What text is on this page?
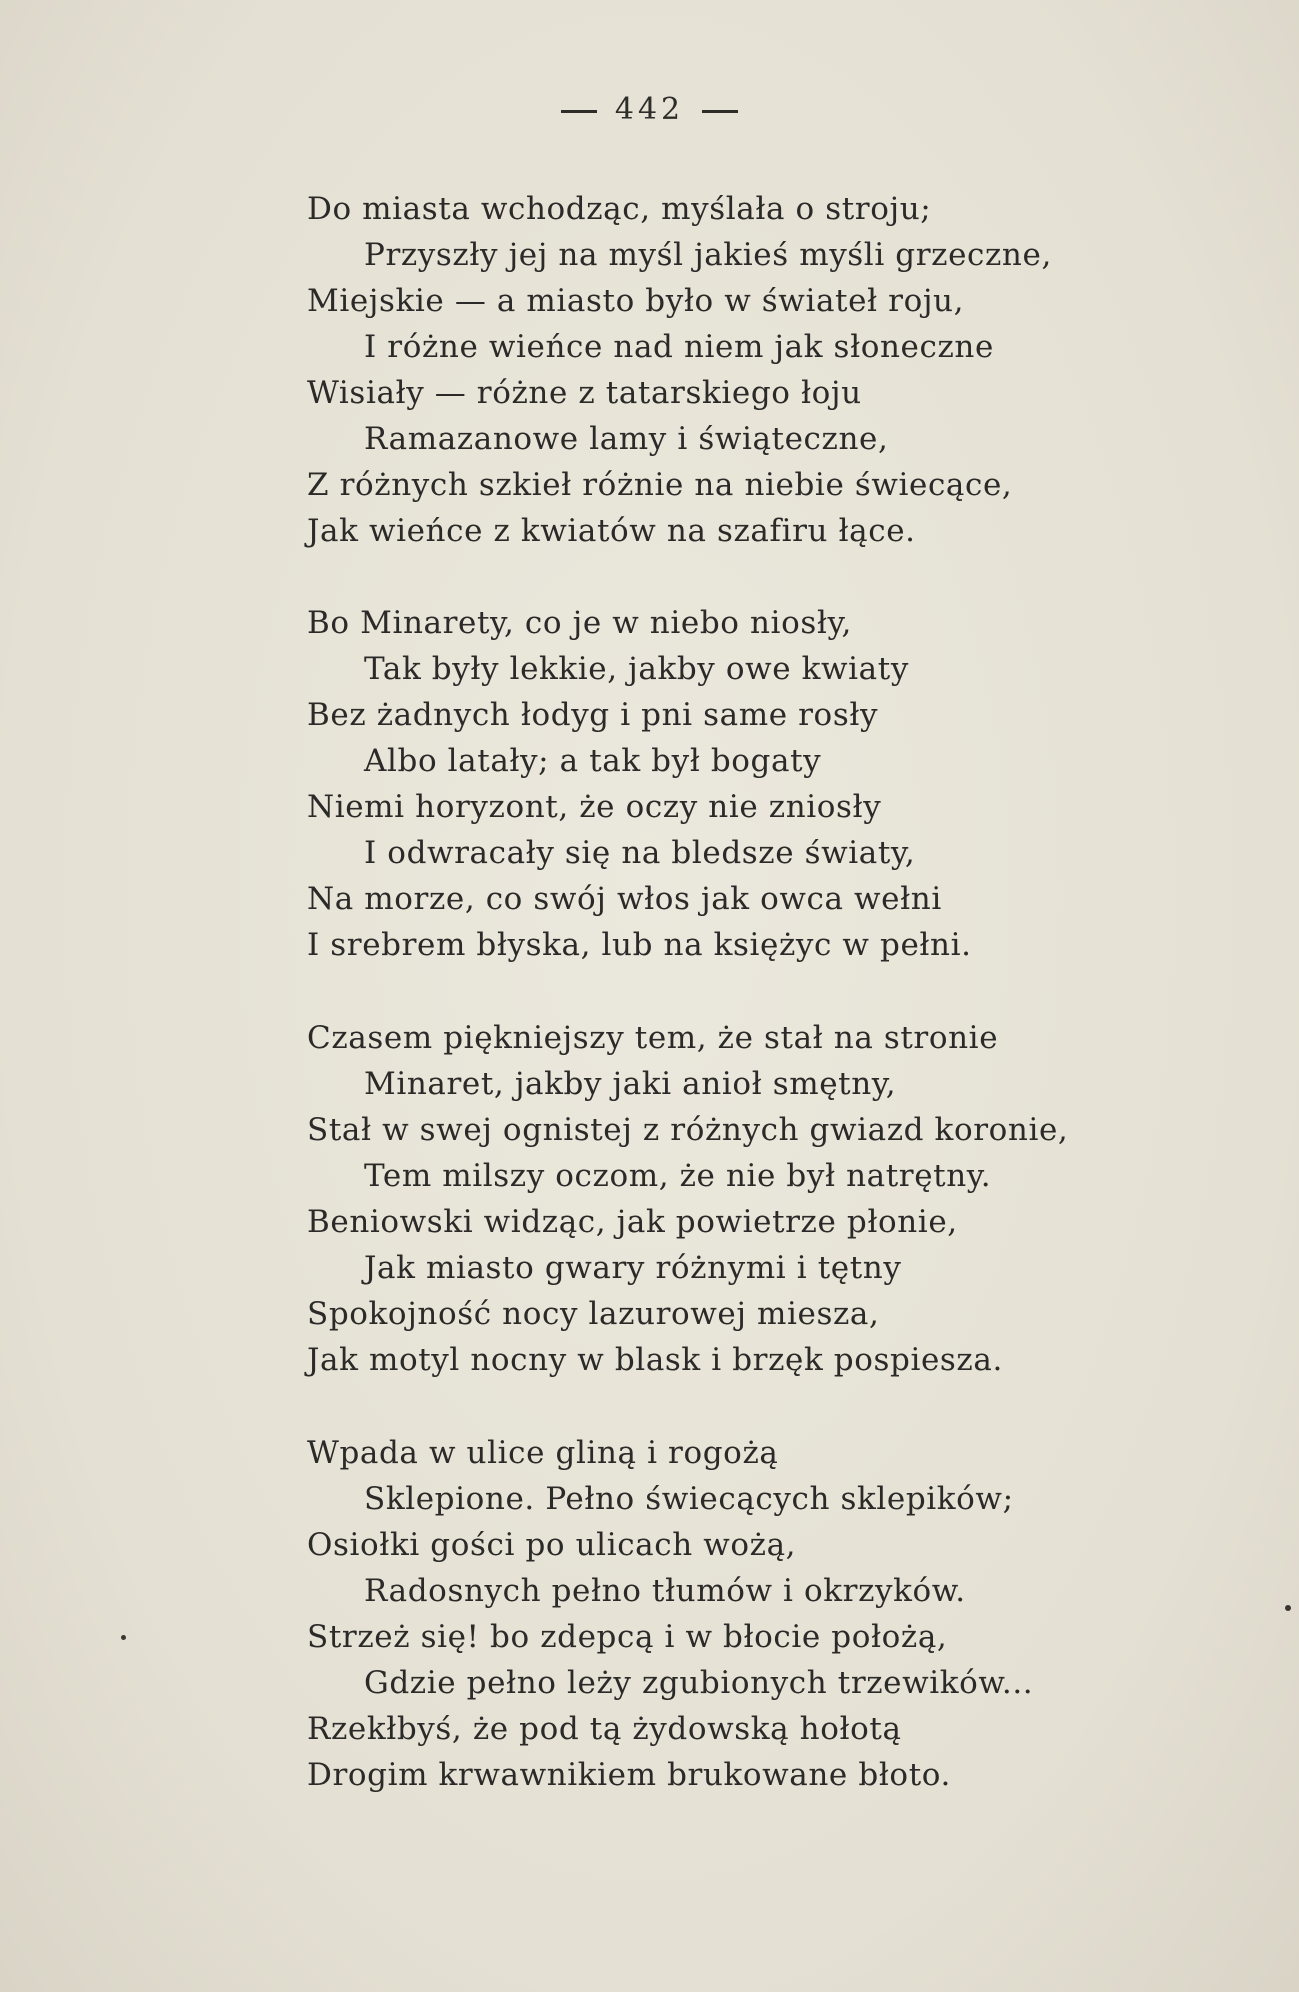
442
Do miasta wchodząc, myślała o stroju;
Przyszły jej na myśl jakieś myśli grzeczne,
Miejskie — a miasto było w świateł roju,
I różne wieńce nad niem jak słoneczne
Wisiały — różne z tatarskiego łoju
Ramazanowe lamy i świąteczne,
Z różnych szkieł różnie na niebie świecące,
Jak wieńce z kwiatów na szafiru łące.
Bo Minarety, co je w niebo niosły,
Tak były lekkie, jakby owe kwiaty
Bez żadnych łodyg i pni same rosły
Albo latały; a tak był bogaty
Niemi horyzont, że oczy nie zniosły
I odwracały się na bledsze światy,
Na morze, co swój włos jak owca wełni
I srebrem błyska, lub na księżyc w pełni.
Czasem piękniejszy tem, że stał na stronie
Minaret, jakby jaki anioł smętny,
Stał w swej ognistej z różnych gwiazd koronie,
Tem milszy oczom, że nie był natrętny.
Beniowski widząc, jak powietrze płonie,
Jak miasto gwary różnymi i tętny
Spokojność nocy lazurowej miesza,
Jak motyl nocny w blask i brzęk pospiesza.
Wpada w ulice gliną i rogożą
Sklepione. Pełno świecących sklepików;
Osiołki gości po ulicach wożą,
Radosnych pełno tłumów i okrzyków.
Strzeż się! bo zdepcą i w błocie położą,
Gdzie pełno leży zgubionych trzewików...
Rzekłbyś, że pod tą żydowską hołotą
Drogim krwawnikiem brukowane błoto.
